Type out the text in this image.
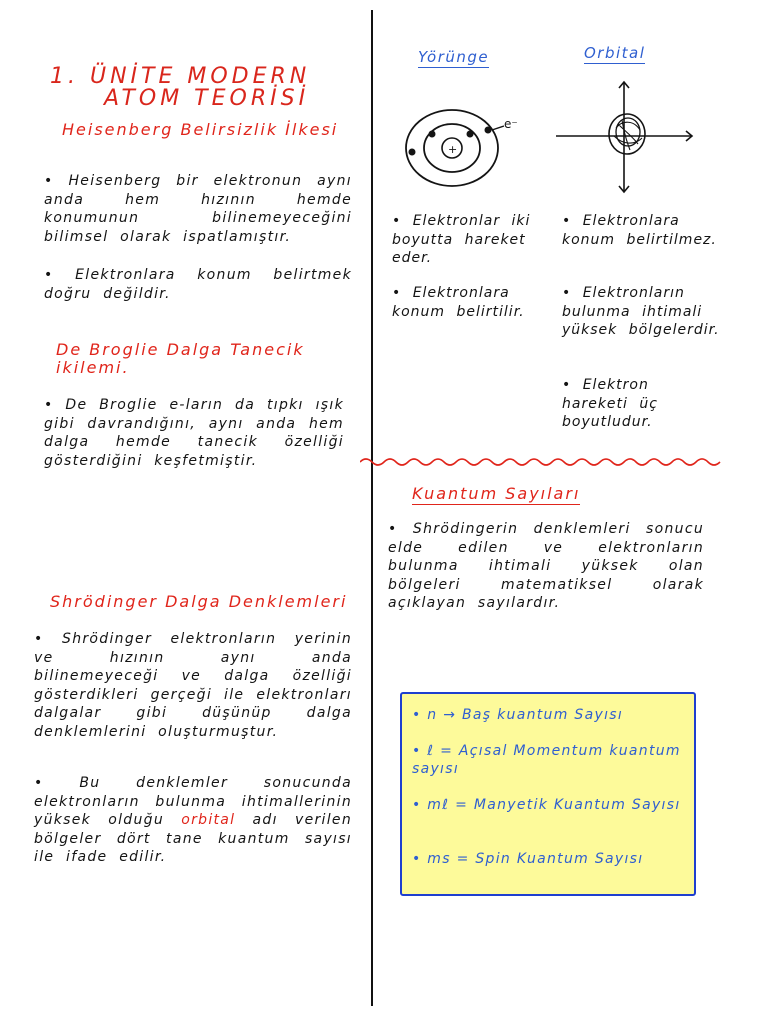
1. ÜNİTE MODERN
ATOM TEORİSİ
Heisenberg Belirsizlik İlkesi

• Heisenberg bir elektronun aynı anda hem hızının hemde konumunun bilinemeyeceğini bilimsel olarak ispatlamıştır.

• Elektronlara konum belirtmek doğru değildir.

De Broglie Dalga Tanecik
ikilemi.

• De Broglie e-ların da tıpkı ışık gibi davrandığını, aynı anda hem dalga hemde tanecik özelliği gösterdiğini keşfetmiştir.

Shrödinger Dalga Denklemleri

• Shrödinger elektronların yerinin ve hızının aynı anda bilinemeyeceği ve dalga özelliği gösterdikleri gerçeği ile elektronları dalgalar gibi düşünüp dalga denklemlerini oluşturmuştur.

• Bu denklemler sonucunda elektronların bulunma ihtimallerinin yüksek olduğu orbital adı verilen bölgeler dört tane kuantum sayısı ile ifade edilir.

Yörünge	Orbital
+
e⁻

• Elektronlar iki boyutta hareket eder.

• Elektronlara konum belirtilir.

• Elektronlara konum belirtilmez.

• Elektronların bulunma ihtimali yüksek bölgelerdir.

• Elektron hareketi üç boyutludur.

Kuantum Sayıları

• Shrödingerin denklemleri sonucu elde edilen ve elektronların bulunma ihtimali yüksek olan bölgeleri matematiksel olarak açıklayan sayılardır.

• n → Baş kuantum Sayısı

• ℓ = Açısal Momentum kuantum sayısı

• mℓ = Manyetik Kuantum Sayısı

• ms = Spin Kuantum Sayısı
